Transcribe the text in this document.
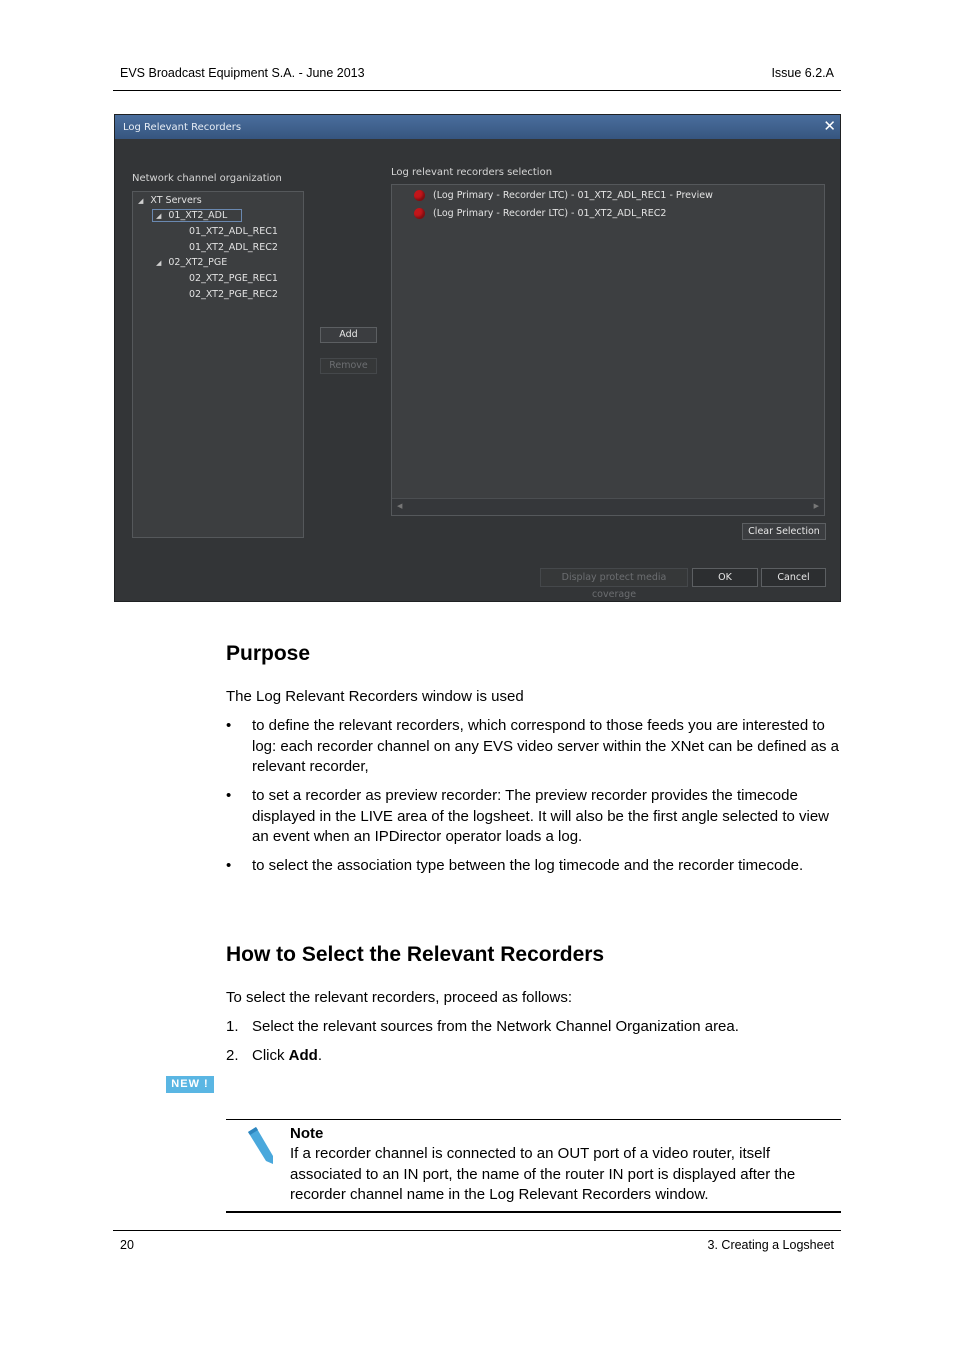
EVS Broadcast Equipment S.A. - June 2013	Issue 6.2.A
Log Relevant Recorders	✕
Network channel organization
◢ XT Servers
◢ 01_XT2_ADL
01_XT2_ADL_REC1
01_XT2_ADL_REC2
◢ 02_XT2_PGE
02_XT2_PGE_REC1
02_XT2_PGE_REC2
Add
Remove
Log relevant recorders selection
(Log Primary - Recorder LTC) - 01_XT2_ADL_REC1 - Preview
(Log Primary - Recorder LTC) - 01_XT2_ADL_REC2
◀	▶
Clear Selection
Display protect media coverage
OK	Cancel
Purpose
The Log Relevant Recorders window is used
• to define the relevant recorders, which correspond to those feeds you are interested to log: each recorder channel on any EVS video server within the XNet can be defined as a relevant recorder,
• to set a recorder as preview recorder: The preview recorder provides the timecode displayed in the LIVE area of the logsheet. It will also be the first angle selected to view an event when an IPDirector operator loads a log.
• to select the association type between the log timecode and the recorder timecode.
How to Select the Relevant Recorders
To select the relevant recorders, proceed as follows:
1. Select the relevant sources from the Network Channel Organization area.
2. Click Add.
NEW !
Note
If a recorder channel is connected to an OUT port of a video router, itself associated to an IN port, the name of the router IN port is displayed after the recorder channel name in the Log Relevant Recorders window.
20	3. Creating a Logsheet
